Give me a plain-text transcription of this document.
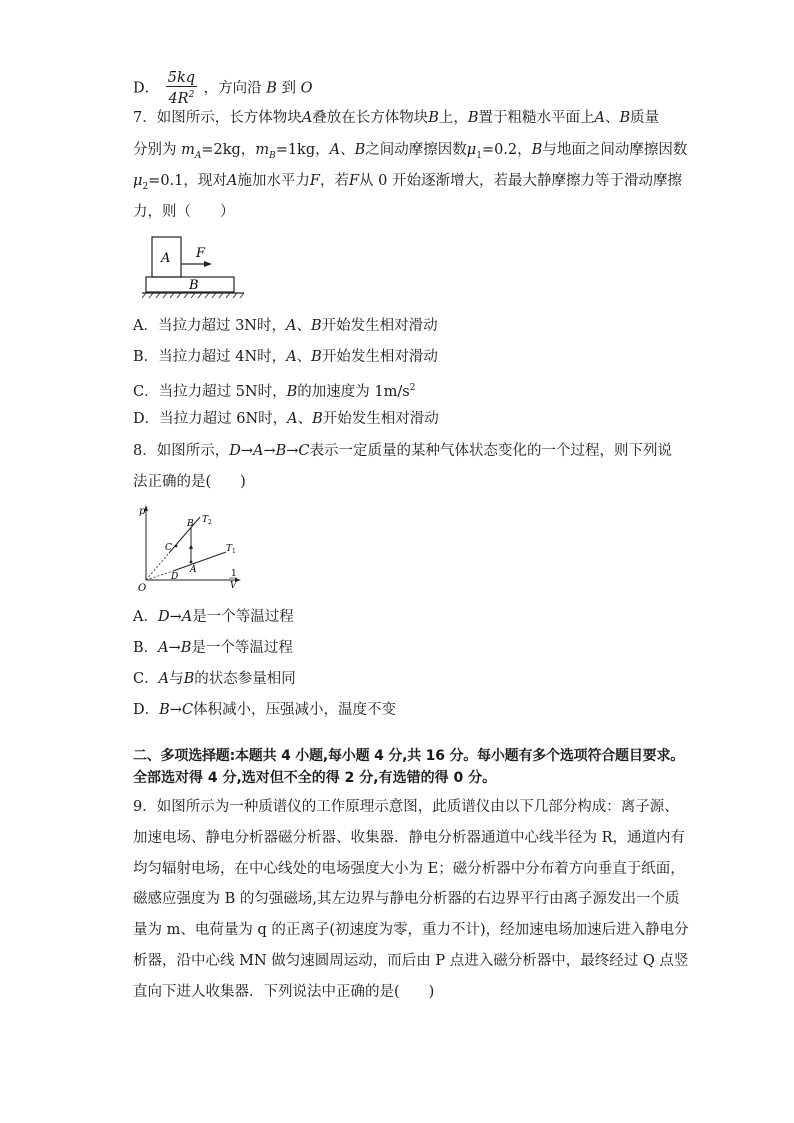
D． $\frac{5kq}{4R^2}$ ，方向沿 B 到 O
7．如图所示，长方体物块A叠放在长方体物块B上，B置于粗糙水平面上A、B质量
分别为 $m_A=2kg$，$m_B=1kg$，A、B之间动摩擦因数$\mu_1=0.2$，B与地面之间动摩擦因数
$\mu_2=0.1$，现对A施加水平力F，若F从 0 开始逐渐增大，若最大静摩擦力等于滑动摩擦
力，则（　　）
A F
B
A．当拉力超过 3N时，A、B开始发生相对滑动
B．当拉力超过 4N时，A、B开始发生相对滑动
C．当拉力超过 5N时，B的加速度为 $1m/s^2$
D．当拉力超过 6N时，A、B开始发生相对滑动
8．如图所示，D→A→B→C表示一定质量的某种气体状态变化的一个过程，则下列说
法正确的是(　　)
p
O
1
V
B
C
A
D
$T_2$
$T_1$
A．D→A是一个等温过程
B．A→B是一个等温过程
C．A与B的状态参量相同
D．B→C体积减小，压强减小，温度不变
二、多项选择题:本题共 4 小题,每小题 4 分,共 16 分。每小题有多个选项符合题目要求。
全部选对得 4 分,选对但不全的得 2 分,有选错的得 0 分。
9．如图所示为一种质谱仪的工作原理示意图，此质谱仪由以下几部分构成：离子源、
加速电场、静电分析器磁分析器、收集器．静电分析器通道中心线半径为 R，通道内有
均匀辐射电场，在中心线处的电场强度大小为 E；磁分析器中分布着方向垂直于纸面，
磁感应强度为 B 的匀强磁场,其左边界与静电分析器的右边界平行由离子源发出一个质
量为 m、电荷量为 q 的正离子(初速度为零，重力不计)，经加速电场加速后进入静电分
析器，沿中心线 MN 做匀速圆周运动，而后由 P 点进入磁分析器中，最终经过 Q 点竖
直向下进人收集器．下列说法中正确的是(　　)
